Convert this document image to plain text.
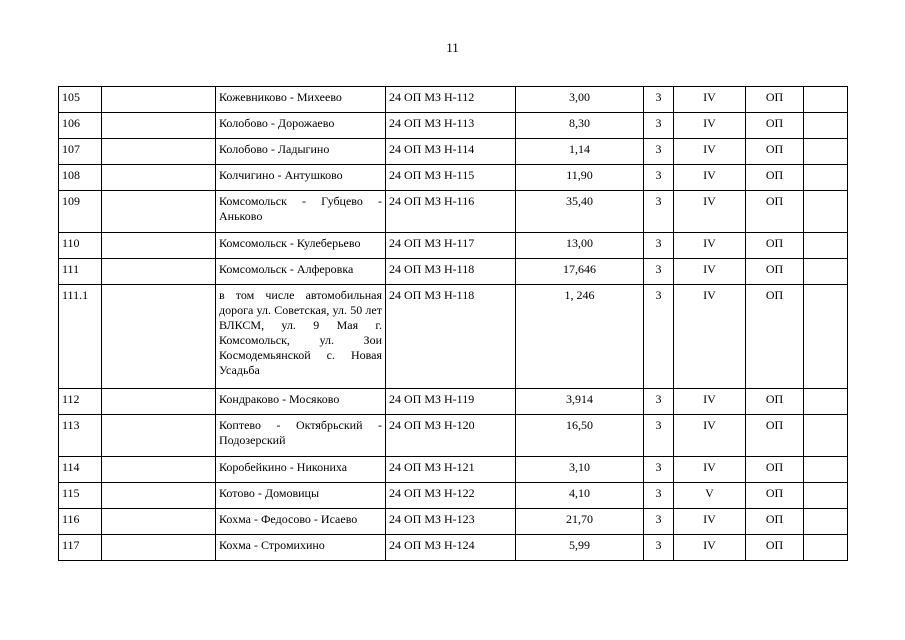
11
105		Кожевниково - Михеево	24 ОП МЗ Н-112	3,00	3	IV	ОП	
106		Колобово - Дорожаево	24 ОП МЗ Н-113	8,30	3	IV	ОП	
107		Колобово - Ладыгино	24 ОП МЗ Н-114	1,14	3	IV	ОП	
108		Колчигино - Антушково	24 ОП МЗ Н-115	11,90	3	IV	ОП	
109		Комсомольск - Губцево - Аньково	24 ОП МЗ Н-116	35,40	3	IV	ОП	
110		Комсомольск - Кулеберьево	24 ОП МЗ Н-117	13,00	3	IV	ОП	
111		Комсомольск - Алферовка	24 ОП МЗ Н-118	17,646	3	IV	ОП	
111.1		в том числе автомобильная дорога ул. Советская, ул. 50 лет ВЛКСМ, ул. 9 Мая г. Комсомольск, ул. Зои Космодемьянской с. Новая Усадьба	24 ОП МЗ Н-118	1, 246	3	IV	ОП	
112		Кондраково - Мосяково	24 ОП МЗ Н-119	3,914	3	IV	ОП	
113		Коптево - Октябрьский - Подозерский	24 ОП МЗ Н-120	16,50	3	IV	ОП	
114		Коробейкино - Никониха	24 ОП МЗ Н-121	3,10	3	IV	ОП	
115		Котово - Домовицы	24 ОП МЗ Н-122	4,10	3	V	ОП	
116		Кохма - Федосово - Исаево	24 ОП МЗ Н-123	21,70	3	IV	ОП	
117		Кохма - Стромихино	24 ОП МЗ Н-124	5,99	3	IV	ОП	
